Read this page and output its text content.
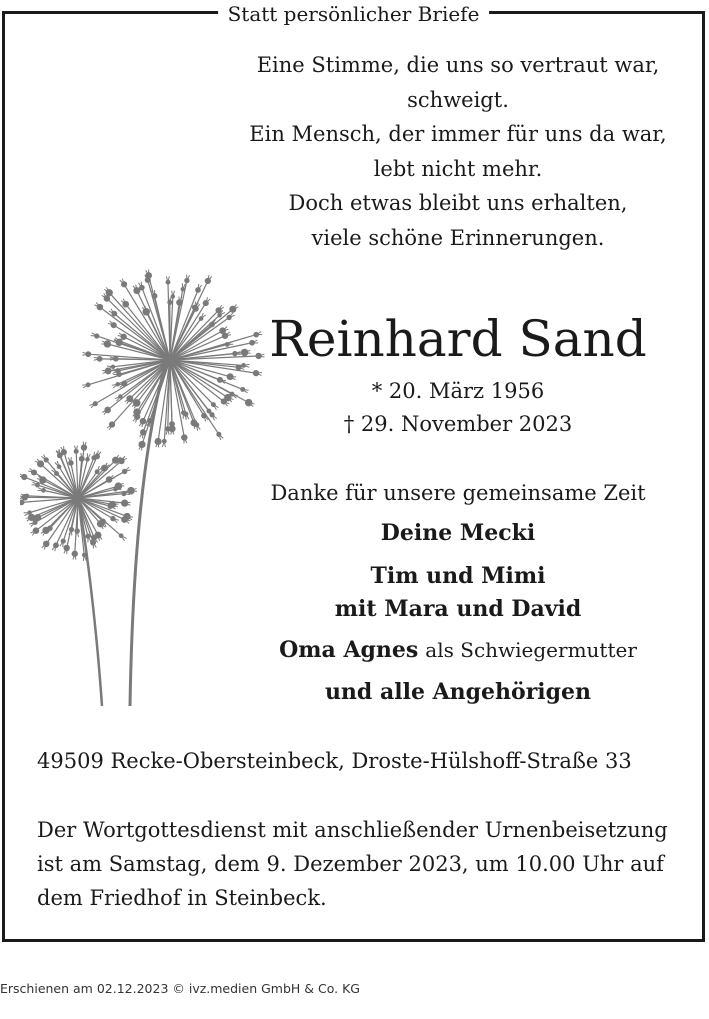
Statt persönlicher Briefe
Eine Stimme, die uns so vertraut war,
schweigt.
Ein Mensch, der immer für uns da war,
lebt nicht mehr.
Doch etwas bleibt uns erhalten,
viele schöne Erinnerungen.
Reinhard Sand
* 20. März 1956
† 29. November 2023
Danke für unsere gemeinsame Zeit
Deine Mecki
Tim und Mimi
mit Mara und David
Oma Agnes als Schwiegermutter
und alle Angehörigen
49509 Recke-Obersteinbeck, Droste-Hülshoff-Straße 33
Der Wortgottesdienst mit anschließender Urnenbeisetzung
ist am Samstag, dem 9. Dezember 2023, um 10.00 Uhr auf
dem Friedhof in Steinbeck.
Erschienen am 02.12.2023 © ivz.medien GmbH & Co. KG
